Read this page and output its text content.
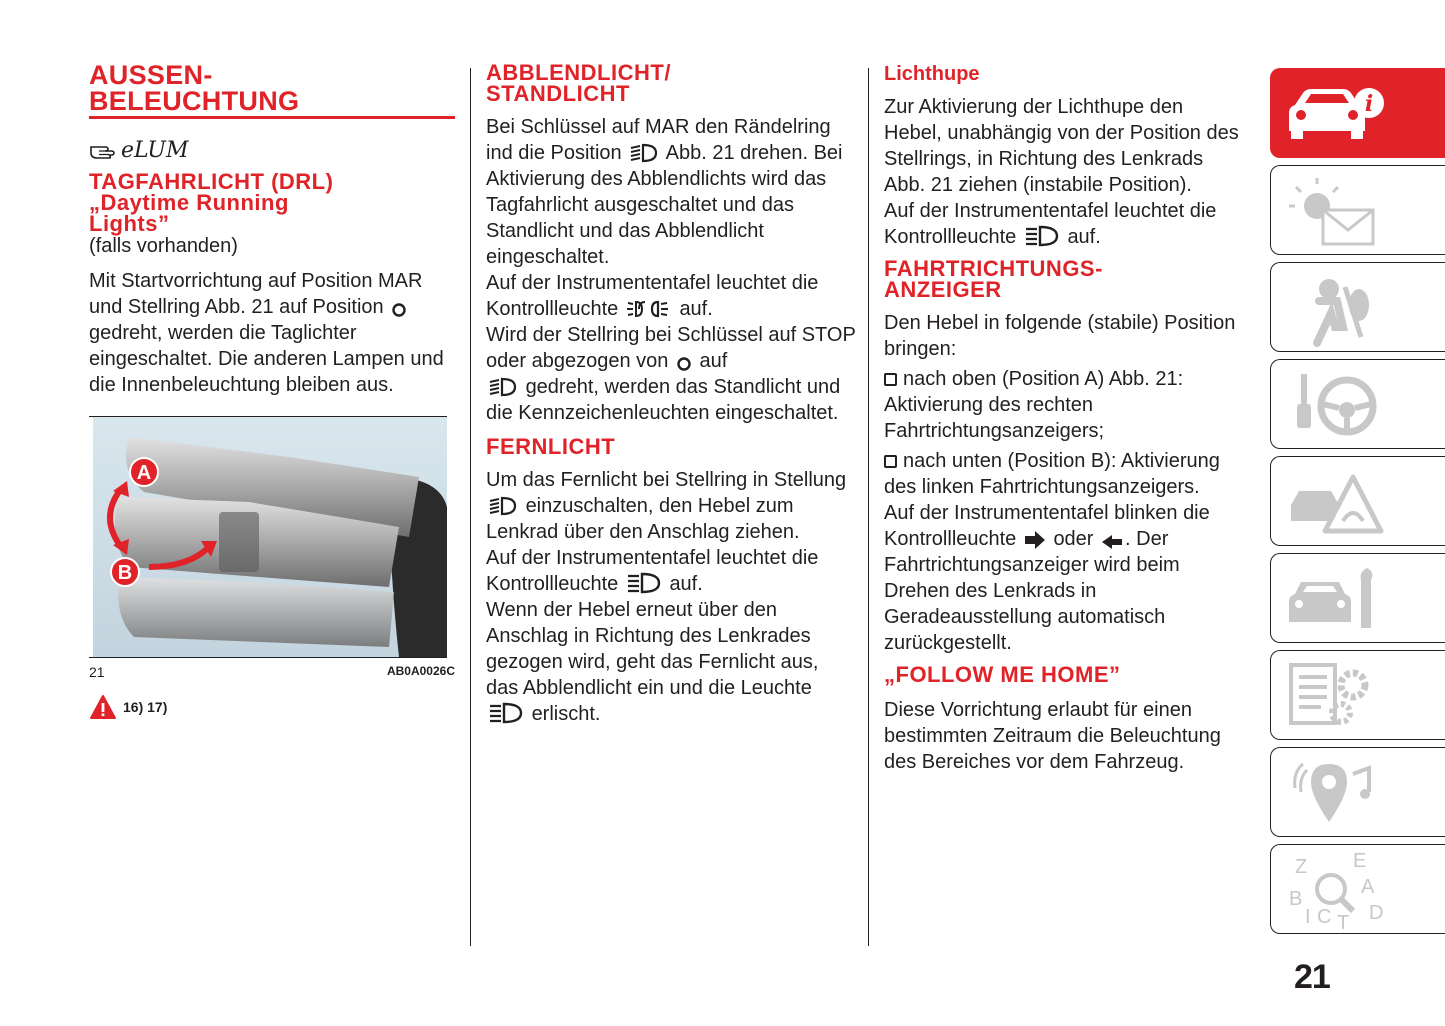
AUSSEN-
BELEUCHTUNG
eLUM
TAGFAHRLICHT (DRL)
„Daytime Running
Lights”
(falls vorhanden)

Mit Startvorrichtung auf Position MAR und Stellring Abb. 21 auf Position  gedreht, werden die Taglichter eingeschaltet. Die anderen Lampen und die Innenbeleuchtung bleiben aus.

A
B
21	AB0A0026C
16) 17)
ABBLENDLICHT/
STANDLICHT

Bei Schlüssel auf MAR den Rändelring ind die Position Abb. 21 drehen. Bei Aktivierung des Abblendlichts wird das Tagfahrlicht ausgeschaltet und das Standlicht und das Abblendlicht eingeschaltet.

Auf der Instrumententafel leuchtet die Kontrollleuchte	auf.

Wird der Stellring bei Schlüssel auf STOP oder abgezogen von auf
gedreht, werden das Standlicht und die Kennzeichenleuchten eingeschaltet.

FERNLICHT

Um das Fernlicht bei Stellring in Stellung  einzuschalten, den Hebel zum Lenkrad über den Anschlag ziehen.

Auf der Instrumententafel leuchtet die Kontrollleuchte	auf.

Wenn der Hebel erneut über den Anschlag in Richtung des Lenkrades gezogen wird, geht das Fernlicht aus, das Abblendlicht ein und die Leuchte
erlischt.

Lichthupe

Zur Aktivierung der Lichthupe den Hebel, unabhängig von der Position des Stellrings, in Richtung des Lenkrads Abb. 21 ziehen (instabile Position).

Auf der Instrumententafel leuchtet die Kontrollleuchte	auf.

FAHRTRICHTUNGS-
ANZEIGER

Den Hebel in folgende (stabile) Position bringen:

nach oben (Position A) Abb. 21: Aktivierung des rechten Fahrtrichtungsanzeigers;

nach unten (Position B): Aktivierung des linken Fahrtrichtungsanzeigers.

Auf der Instrumententafel blinken die Kontrollleuchte oder . Der Fahrtrichtungsanzeiger wird beim Drehen des Lenkrads in Geradeausstellung automatisch zurückgestellt.

„FOLLOW ME HOME”

Diese Vorrichtung erlaubt für einen bestimmten Zeitraum die Beleuchtung des Bereiches vor dem Fahrzeug.

i
Z E
A
B
C T D
I
21
